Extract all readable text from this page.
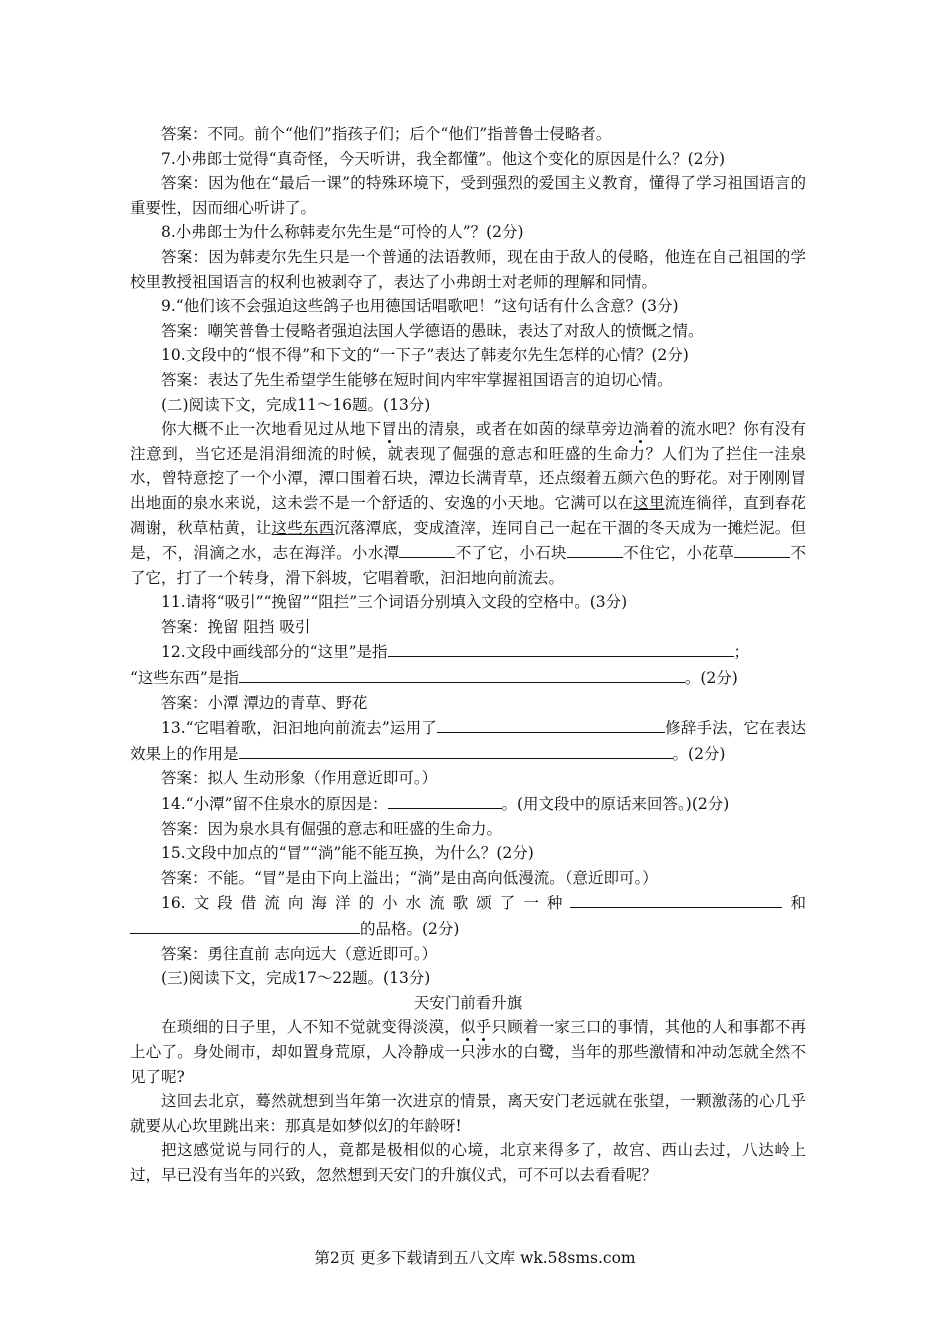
答案：不同。前个“他们”指孩子们；后个“他们”指普鲁士侵略者。

7.小弗郎士觉得“真奇怪，今天听讲，我全都懂”。他这个变化的原因是什么？(2分)

答案：因为他在“最后一课”的特殊环境下，受到强烈的爱国主义教育，懂得了学习祖国语言的重要性，因而细心听讲了。

8.小弗郎士为什么称韩麦尔先生是“可怜的人”？(2分)

答案：因为韩麦尔先生只是一个普通的法语教师，现在由于敌人的侵略，他连在自己祖国的学校里教授祖国语言的权利也被剥夺了，表达了小弗朗士对老师的理解和同情。

9.“他们该不会强迫这些鸽子也用德国话唱歌吧！”这句话有什么含意？(3分)

答案：嘲笑普鲁士侵略者强迫法国人学德语的愚昧，表达了对敌人的愤慨之情。

10.文段中的“恨不得”和下文的“一下子”表达了韩麦尔先生怎样的心情？(2分)

答案：表达了先生希望学生能够在短时间内牢牢掌握祖国语言的迫切心情。

(二)阅读下文，完成11～16题。(13分)

你大概不止一次地看见过从地下冒出的清泉，或者在如茵的绿草旁边淌着的流水吧？你有没有注意到，当它还是涓涓细流的时候，就表现了倔强的意志和旺盛的生命力？人们为了拦住一洼泉水，曾特意挖了一个小潭，潭口围着石块，潭边长满青草，还点缀着五颜六色的野花。对于刚刚冒出地面的泉水来说，这未尝不是一个舒适的、安逸的小天地。它满可以在这里流连徜徉，直到春花凋谢，秋草枯黄，让这些东西沉落潭底，变成渣滓，连同自己一起在干涸的冬天成为一摊烂泥。但是，不，涓滴之水，志在海洋。小水潭	不了它，小石块	不住它，小花草	不了它，打了一个转身，滑下斜坡，它唱着歌，汩汩地向前流去。

11.请将“吸引”“挽留”“阻拦”三个词语分别填入文段的空格中。(3分)

答案：挽留 阻挡 吸引

12.文段中画线部分的“这里”是指	；

“这些东西”是指	。(2分)

答案：小潭 潭边的青草、野花

13.“它唱着歌，汩汩地向前流去”运用了	修辞手法，它在表达效果上的作用是	。(2分)

答案：拟人 生动形象（作用意近即可。）

14.“小潭”留不住泉水的原因是：	。(用文段中的原话来回答。)(2分)

答案：因为泉水具有倔强的意志和旺盛的生命力。

15.文段中加点的“冒”“淌”能不能互换，为什么？(2分)

答案：不能。“冒”是由下向上溢出；“淌”是由高向低漫流。（意近即可。）

16.文段借流向海洋的小水流歌颂了一种	和的品格。(2分)

答案：勇往直前 志向远大（意近即可。）

(三)阅读下文，完成17～22题。(13分)

天安门前看升旗

在琐细的日子里，人不知不觉就变得淡漠，似乎只顾着一家三口的事情，其他的人和事都不再上心了。身处闹市，却如置身荒原，人冷静成一只涉水的白鹭，当年的那些激情和冲动怎就全然不见了呢?

这回去北京，蓦然就想到当年第一次进京的情景，离天安门老远就在张望，一颗激荡的心几乎就要从心坎里跳出来：那真是如梦似幻的年龄呀!

把这感觉说与同行的人，竟都是极相似的心境，北京来得多了，故宫、西山去过，八达岭上过，早已没有当年的兴致，忽然想到天安门的升旗仪式，可不可以去看看呢？

第2页 更多下载请到五八文库 wk.58sms.com
